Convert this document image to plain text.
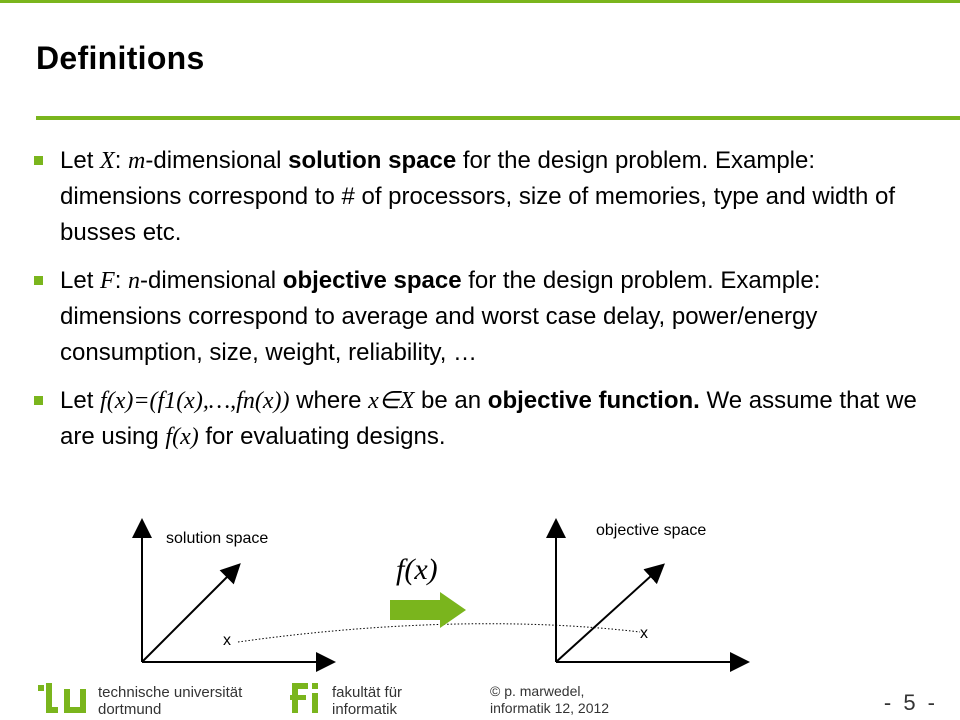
Definitions
Let X: m-dimensional solution space for the design problem. Example: dimensions correspond to # of processors, size of memories, type and width of busses etc.
Let F: n-dimensional objective space for the design problem. Example: dimensions correspond to average and worst case delay, power/energy consumption, size, weight, reliability, …
Let f(x)=(f1(x),…,fn(x)) where x∈X be an objective function. We assume that we are using f(x) for evaluating designs.
solution space	objective space
f(x)
x	x
technische universität
dortmund
fakultät für
informatik
© p. marwedel,
informatik 12, 2012	- 5 -
